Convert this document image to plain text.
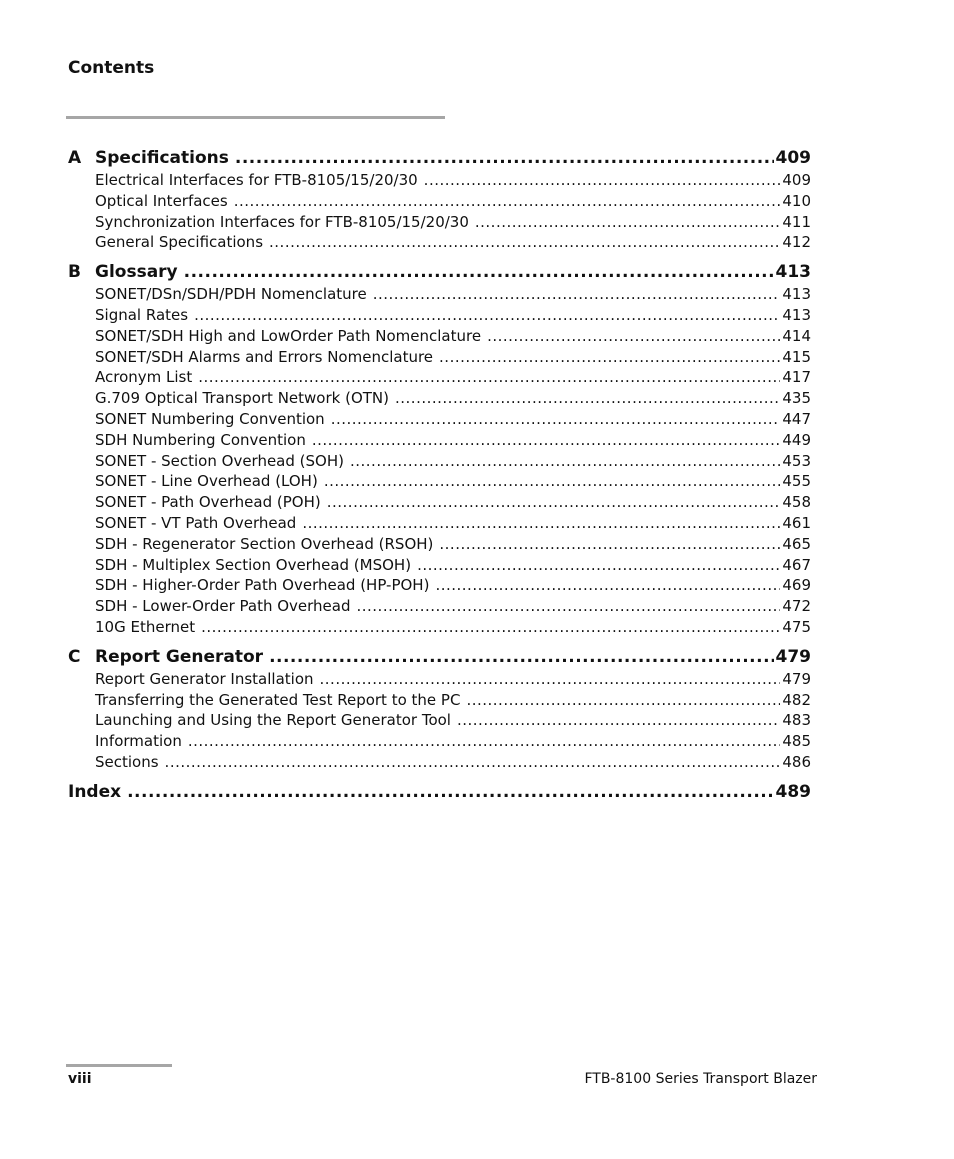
Contents
A Specifications .....	409
Electrical Interfaces for FTB-8105/15/20/30 .....	409
Optical Interfaces .....	410
Synchronization Interfaces for FTB-8105/15/20/30 .....	411
General Specifications .....	412
B Glossary .....	413
SONET/DSn/SDH/PDH Nomenclature .....	413
Signal Rates .....	413
SONET/SDH High and LowOrder Path Nomenclature .....	414
SONET/SDH Alarms and Errors Nomenclature .....	415
Acronym List .....	417
G.709 Optical Transport Network (OTN) .....	435
SONET Numbering Convention .....	447
SDH Numbering Convention .....	449
SONET - Section Overhead (SOH) .....	453
SONET - Line Overhead (LOH) .....	455
SONET - Path Overhead (POH) .....	458
SONET - VT Path Overhead .....	461
SDH - Regenerator Section Overhead (RSOH) .....	465
SDH - Multiplex Section Overhead (MSOH) .....	467
SDH - Higher-Order Path Overhead (HP-POH) .....	469
SDH - Lower-Order Path Overhead .....	472
10G Ethernet .....	475
C Report Generator .....	479
Report Generator Installation .....	479
Transferring the Generated Test Report to the PC .....	482
Launching and Using the Report Generator Tool .....	483
Information .....	485
Sections .....	486
Index .....	489
viii	FTB-8100 Series Transport Blazer
